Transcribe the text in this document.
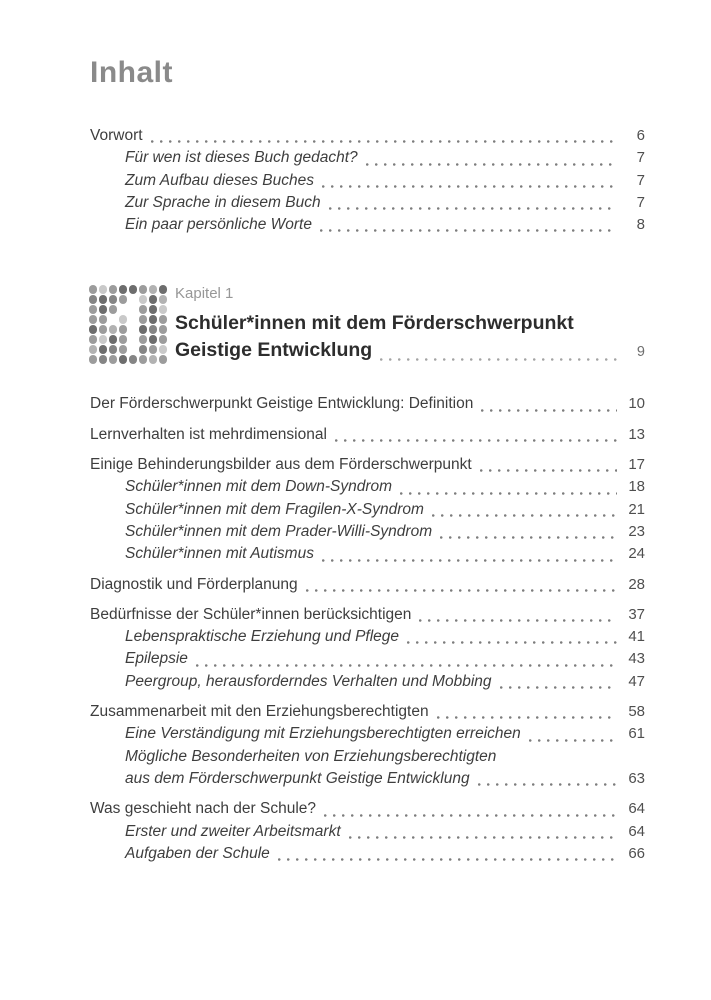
Inhalt
Vorwort	6
Für wen ist dieses Buch gedacht?	7
Zum Aufbau dieses Buches	7
Zur Sprache in diesem Buch	7
Ein paar persönliche Worte	8
Kapitel 1
Schüler*innen mit dem Förderschwerpunkt
Geistige Entwicklung	9
Der Förderschwerpunkt Geistige Entwicklung: Definition	10
Lernverhalten ist mehrdimensional	13
Einige Behinderungsbilder aus dem Förderschwerpunkt	17
Schüler*innen mit dem Down-Syndrom	18
Schüler*innen mit dem Fragilen-X-Syndrom	21
Schüler*innen mit dem Prader-Willi-Syndrom	23
Schüler*innen mit Autismus	24
Diagnostik und Förderplanung	28
Bedürfnisse der Schüler*innen berücksichtigen	37
Lebenspraktische Erziehung und Pflege	41
Epilepsie	43
Peergroup, herausforderndes Verhalten und Mobbing	47
Zusammenarbeit mit den Erziehungsberechtigten	58
Eine Verständigung mit Erziehungsberechtigten erreichen	61
Mögliche Besonderheiten von Erziehungsberechtigten
aus dem Förderschwerpunkt Geistige Entwicklung	63
Was geschieht nach der Schule?	64
Erster und zweiter Arbeitsmarkt	64
Aufgaben der Schule	66
